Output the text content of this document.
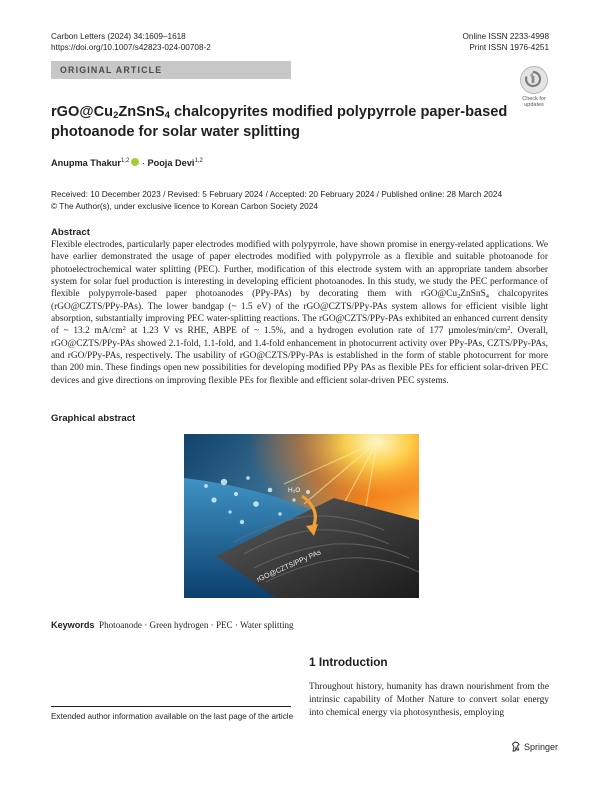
Carbon Letters (2024) 34:1609–1618
https://doi.org/10.1007/s42823-024-00708-2
Online ISSN 2233-4998
Print ISSN 1976-4251
ORIGINAL ARTICLE
Check for
updates
$rGO@Cu_2ZnSnS_4$ chalcopyrites modified polypyrrole paper-based
photoanode for solar water splitting
Anupma Thakur$^{1,2}$ · Pooja Devi$^{1,2}$
Received: 10 December 2023 / Revised: 5 February 2024 / Accepted: 20 February 2024 / Published online: 28 March 2024
© The Author(s), under exclusive licence to Korean Carbon Society 2024
Abstract

Flexible electrodes, particularly paper electrodes modified with polypyrrole, have shown promise in energy-related applications. We have earlier demonstrated the usage of paper electrodes modified with polypyrrole as a flexible and suitable photoanode for photoelectrochemical water splitting (PEC). Further, modification of this electrode system with an appropriate tandem absorber system for solar fuel production is interesting in developing efficient photoanodes. In this study, we study the PEC performance of flexible polypyrrole-based paper photoanodes (PPy-PAs) by decorating them with $rGO@Cu_2ZnSnS_4$ chalcopyrites (rGO@CZTS/PPy-PAs). The lower bandgap (~ 1.5 eV) of the rGO@CZTS/PPy-PAs system allows for efficient visible light absorption, substantially improving PEC water-splitting reactions. The rGO@CZTS/PPy-PAs exhibited an enhanced current density of ~ 13.2 $mA/cm^2$ at 1.23 V vs RHE, ABPE of ~ 1.5%, and a hydrogen evolution rate of 177 µmoles/$\min/cm^2$. Overall, rGO@CZTS/PPy-PAs showed 2.1-fold, 1.1-fold, and 1.4-fold enhancement in photocurrent activity over PPy-PAs, CZTS/PPy-PAs, and rGO/PPy-PAs, respectively. The usability of rGO@CZTS/PPy-PAs is established in the form of stable photocurrent for more than 200 min. These findings open new possibilities for developing modified PPy PAs as flexible PEs for efficient solar-driven PEC devices and give directions on improving flexible PEs for flexible and efficient solar-driven PEC systems.

Graphical abstract
H₂O
rGO@CZTS/PPy PAs
Keywords Photoanode · Green hydrogen · PEC · Water splitting
1 Introduction

Throughout history, humanity has drawn nourishment from the intrinsic capability of Mother Nature to convert solar energy into chemical energy via photosynthesis, employing

Extended author information available on the last page of the article
Springer
